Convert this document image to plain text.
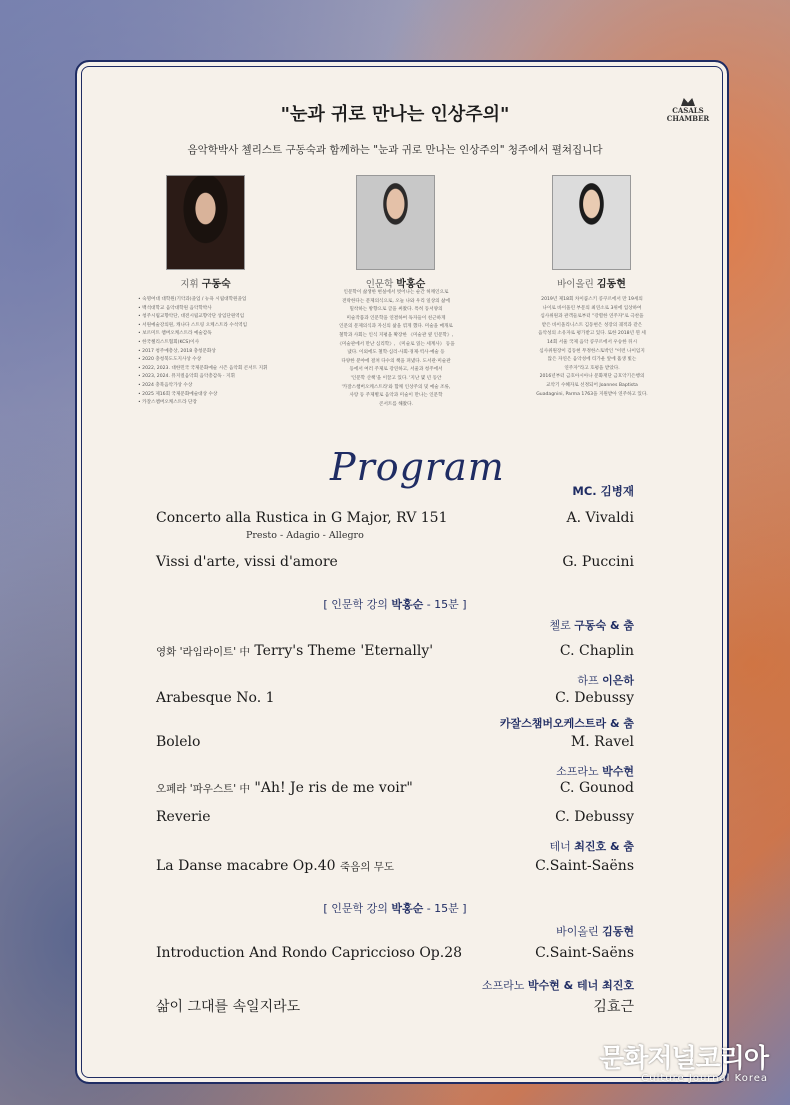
CASALS
CHAMBER
"눈과 귀로 만나는 인상주의"
음악학박사 첼리스트 구동숙과 함께하는 "눈과 귀로 만나는 인상주의" 청주에서 펼쳐집니다
지휘 구동숙
• 숙명여대 대학원(기악과)졸업 / 뉴욕 시립대학원졸업
• 백석대학교 음악대학원 음악학박사
• 청주시립교향악단, 대전시립교향악단 상임단원역임
• 서원예술강의원, 캐나다 스트링 오케스트라 수석역임
• 보르미트 챔버오케스트라 예술감독
• 한국첼리스트협회(KCS)이사
• 2017 청주예총상, 2018 충청문화상
• 2020 충청북도도지사상 수상
• 2022, 2023. 대한민국 국제문화예술 시즌 음악회 콘서트 지휘
• 2023, 2024. 뮤지컬음악회 음악총감독 · 지휘
• 2024 충북음악가상 수상
• 2025 제16회 국제문화예술대상 수상
• 카잘스챔버오케스트라 단장
인문학 박홍순
인문학이 삶생한 현실에서 벗어나는 순간 허깨인으로
전락한다는 문제의식으로, 오늘 나와 우리 일상의 삶에
밀착하는 방향으로 글을 써왔다. 특히 동서양의
미술작품과 인문학을 연결하여 독자들이 친근하게
인문의 문제의식과 자신의 삶을 엮게 했다. 미술을 매개로
철학과 사회는 인식 지평을 확장한 《미술관 옆 인문학》,
《미술관에서 만난 심리학》, 《미술로 읽는 세계사》 등을
냈다. 이외에도 철학·심리·사회·경제·역사·예술 등
다양한 분야에 걸쳐 다수의 책을 펴냈다. 도서관·미술관
등에서 여러 주제로 강연하고, 서울과 청주에서
'인문학 산책'을 이끌고 있다. '지난 몇 년 동안
'카잘스챔버오케스트라'와 함께 인상주의 및 예술 조류,
사랑 등 주제별로 음악과 미술이 만나는 인문학
콘서트를 해왔다.
바이올린 김동현
2019년 제18회 차이콥스키 콩쿠르에서 만 19세의
나이로 바이올린 부문의 최연소로 3위에 입상하여
심사위원과 관객들로부터 "강렬한 연주자"로 극찬을
받은 바이올리니스트 김동현은 성장의 궤적과 같은
음악성의 소유자로 평가받고 있다. 또한 2018년 뮌 세
14회 서울 국제 음악 콩쿠르에서 우승한 뒤시
심사위원장이 김동현 무정한스토박인 "이런 나이임지
않은 자연은 음악성에 티가운 앞에 흡생 빛는
연주자"라고 호평을 받았다.
2016년부터 금호아시아나 문화재단 금호악기은행의
교악기 수혜자로 선정되어 Joannes Baptista
Guadagnini, Parma 1763을 지원받아 연주하고 있다.
Program
MC. 김병재
Concerto alla Rustica in G Major, RV 151	A. Vivaldi
Presto - Adagio - Allegro
Vissi d'arte, vissi d'amore	G. Puccini
[ 인문학 강의 박홍순 - 15분 ]
첼로 구동숙 & 춤
영화 '라임라이트' 中 Terry's Theme 'Eternally'	C. Chaplin
하프 이은하
Arabesque No. 1	C. Debussy
카잘스챔버오케스트라 & 춤
Bolelo	M. Ravel
소프라노 박수현
오페라 '파우스트' 中 "Ah! Je ris de me voir"	C. Gounod
Reverie	C. Debussy
테너 최진호 & 춤
La Danse macabre Op.40 죽음의 무도	C.Saint-Saëns
[ 인문학 강의 박홍순 - 15분 ]
바이올린 김동현
Introduction And Rondo Capriccioso Op.28	C.Saint-Saëns
소프라노 박수현 & 테너 최진호
삶이 그대를 속일지라도	김효근
문화저널코리아
Culture Journal Korea
